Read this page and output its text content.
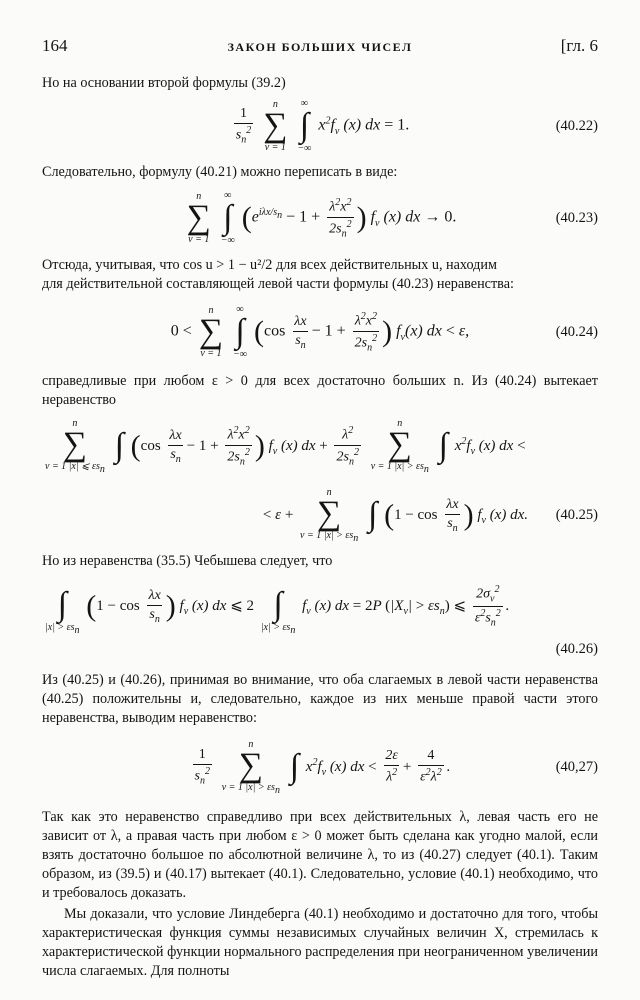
164	ЗАКОН БОЛЬШИХ ЧИСЕЛ	[гл. 6

Но на основании второй формулы (39.2)

$\frac{1}{s_n^2}$

n
∑
ν = 1

∞
∫
−∞
$x^2f_\nu$ (x) dx = 1.	(40.22)

Следовательно, формулу (40.21) можно переписать в виде:

n
∑
ν = 1

∞
∫
−∞
($e^{i\lambda x/s_n} - 1 + \frac{\lambda^2x^2}{2s_n^2}$ ) $f_\nu$ (x) dx → 0.	(40.23)

Отсюда, учитывая, что cos u > 1 − u²/2 для всех действительных u, находим

для действительной составляющей левой части формулы (40.23) неравенства:

0 <
n
∑
ν = 1

∞
∫
−∞
($\cos \frac{\lambda x}{s_n} - 1 + \frac{\lambda^2x^2}{2s_n^2}$ ) $f_\nu(x)$ dx < ε,	(40.24)

справедливые при любом ε > 0 для всех достаточно больших n. Из (40.24) вытекает неравенство

n
∑
ν = 1 |x| ⩽ $\varepsilon s_n$

∫
($\cos \frac{\lambda x}{s_n} - 1 + \frac{\lambda^2x^2}{2s_n^2}$ ) $f_\nu$ (x) dx + $\frac{\lambda^2}{2s_n^2}$

n
∑
ν = 1 $|x| > \varepsilon s_n$

∫
$x^2f_\nu$ (x) dx <
< ε +
n
∑
ν = 1 $|x| > \varepsilon s_n$

∫
($1 - \cos \frac{\lambda x}{s_n}$ ) $f_\nu$ (x) dx. (40.25)

Но из неравенства (35.5) Чебышева следует, что

∫
$|x| > \varepsilon s_n$
($1 - \cos \frac{\lambda x}{s_n}$ ) $f_\nu$ (x) dx ⩽ 2
∫
$|x| > \varepsilon s_n$
$f_\nu$ (x) dx = 2P $(|X_\nu| > \varepsilon s_n)$ ⩽ $\frac{2\sigma_\nu^2}{\varepsilon^2s_n^2}$ .
(40.26)

Из (40.25) и (40.26), принимая во внимание, что оба слагаемых в левой части неравенства (40.25) положительны и, следовательно, каждое из них меньше правой части этого неравенства, выводим неравенство:

$\frac{1}{s_n^2}$

n
∑
ν = 1 $|x| > \varepsilon s_n$

∫
$x^2f_\nu$ (x) dx < $\frac{2\varepsilon}{\lambda^2} + \frac{4}{\varepsilon^2\lambda^2}$ .	(40,27)

Так как это неравенство справедливо при всех действительных λ, левая часть его не зависит от λ, а правая часть при любом ε > 0 может быть сделана как угодно малой, если взять достаточно большое по абсолютной величине λ, то из (40.27) следует (40.1). Таким образом, из (39.5) и (40.17) вытекает (40.1). Следовательно, условие (40.1) необходимо, что и требовалось доказать.

Мы доказали, что условие Линдеберга (40.1) необходимо и достаточно для того, чтобы характеристическая функция суммы независимых случайных величин X, стремилась к характеристической функции нормального распределения при неограниченном увеличении числа слагаемых. Для полноты
